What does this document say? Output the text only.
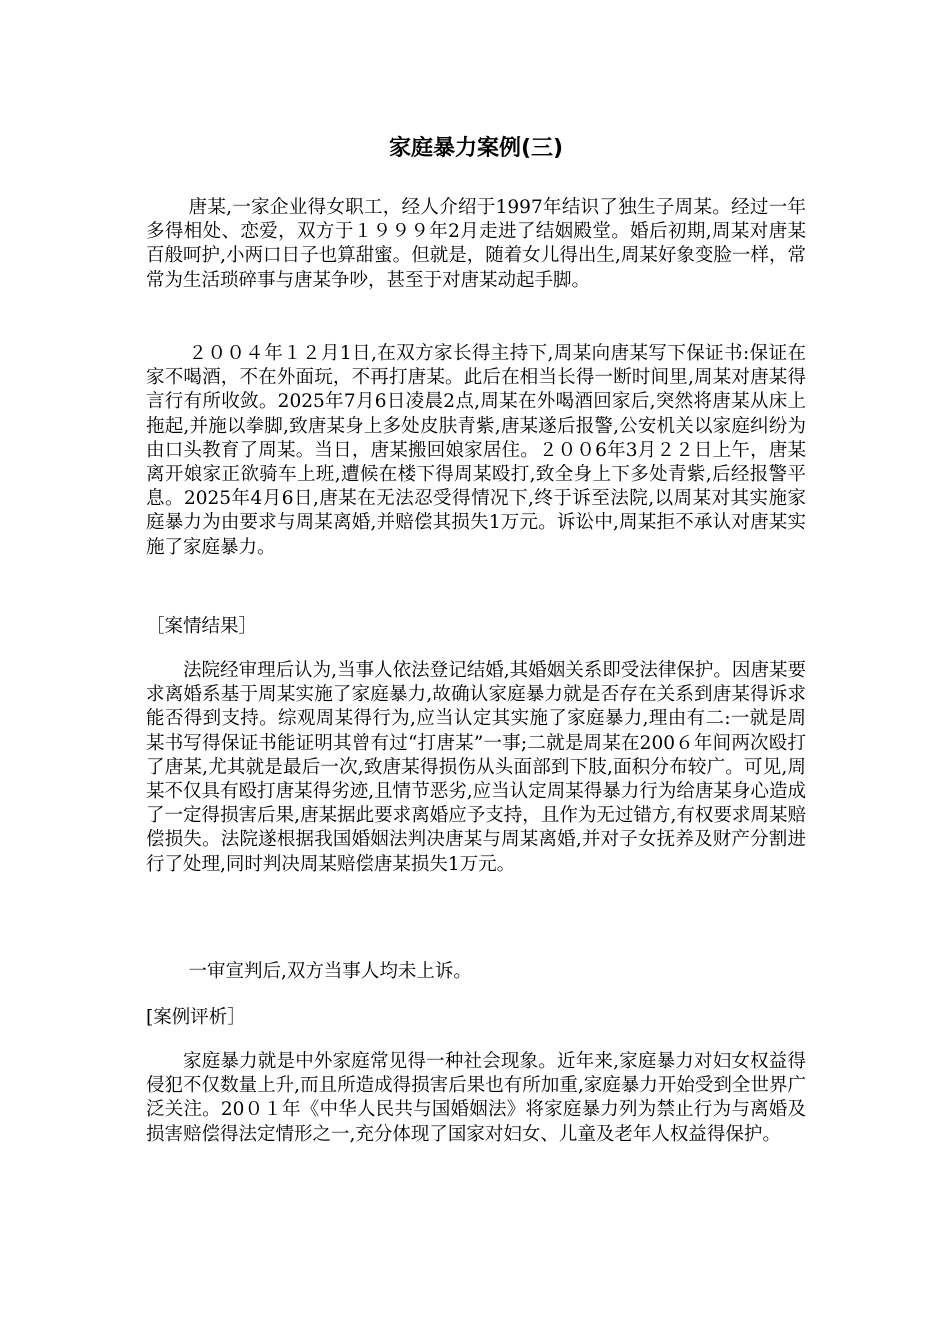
家庭暴力案例(三)

唐某,一家企业得女职工，经人介绍于1997年结识了独生子周某。经过一年多得相处、恋爱，双方于１９９９年2月走进了结姻殿堂。婚后初期,周某对唐某百般呵护,小两口日子也算甜蜜。但就是，随着女儿得出生,周某好象变脸一样，常常为生活琐碎事与唐某争吵，甚至于对唐某动起手脚。

２００４年１２月1日,在双方家长得主持下,周某向唐某写下保证书:保证在家不喝酒，不在外面玩，不再打唐某。此后在相当长得一断时间里,周某对唐某得言行有所收敛。2025年7月6日凌晨2点,周某在外喝酒回家后,突然将唐某从床上拖起,并施以拳脚,致唐某身上多处皮肤青紫,唐某遂后报警,公安机关以家庭纠纷为由口头教育了周某。当日，唐某搬回娘家居住。２００6年3月２２日上午，唐某离开娘家正欲骑车上班,遭候在楼下得周某殴打,致全身上下多处青紫,后经报警平息。2025年4月6日,唐某在无法忍受得情况下,终于诉至法院,以周某对其实施家庭暴力为由要求与周某离婚,并赔偿其损失1万元。诉讼中,周某拒不承认对唐某实施了家庭暴力。

［案情结果］

法院经审理后认为,当事人依法登记结婚,其婚姻关系即受法律保护。因唐某要求离婚系基于周某实施了家庭暴力,故确认家庭暴力就是否存在关系到唐某得诉求能否得到支持。综观周某得行为,应当认定其实施了家庭暴力,理由有二:一就是周某书写得保证书能证明其曾有过“打唐某”一事;二就是周某在200６年间两次殴打了唐某,尤其就是最后一次,致唐某得损伤从头面部到下肢,面积分布较广。可见,周某不仅具有殴打唐某得劣迹,且情节恶劣,应当认定周某得暴力行为给唐某身心造成了一定得损害后果,唐某据此要求离婚应予支持，且作为无过错方,有权要求周某赔偿损失。法院遂根据我国婚姻法判决唐某与周某离婚,并对子女抚养及财产分割进行了处理,同时判决周某赔偿唐某损失1万元。

一审宣判后,双方当事人均未上诉。

[案例评析］

家庭暴力就是中外家庭常见得一种社会现象。近年来,家庭暴力对妇女权益得侵犯不仅数量上升,而且所造成得损害后果也有所加重,家庭暴力开始受到全世界广泛关注。20０１年《中华人民共与国婚姻法》将家庭暴力列为禁止行为与离婚及损害赔偿得法定情形之一,充分体现了国家对妇女、儿童及老年人权益得保护。
